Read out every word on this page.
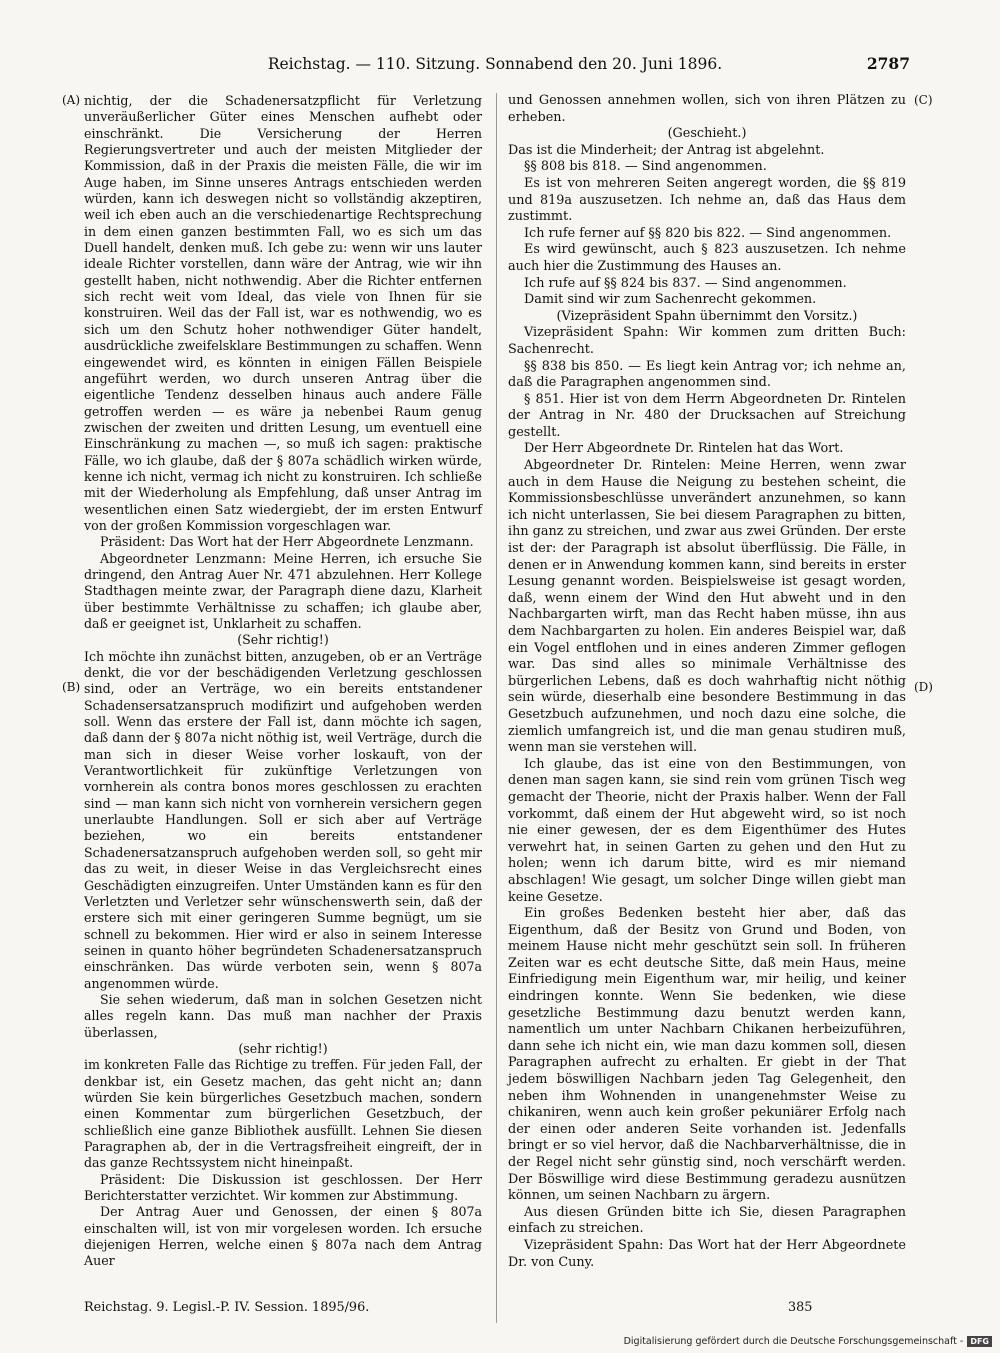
Reichstag. — 110. Sitzung. Sonnabend den 20. Juni 1896.	2787
(A)
(B)
(C)
(D)

nichtig, der die Schadenersatzpflicht für Verletzung unveräußerlicher Güter eines Menschen aufhebt oder einschränkt. Die Versicherung der Herren Regierungsvertreter und auch der meisten Mitglieder der Kommission, daß in der Praxis die meisten Fälle, die wir im Auge haben, im Sinne unseres Antrags entschieden werden würden, kann ich deswegen nicht so vollständig akzeptiren, weil ich eben auch an die verschiedenartige Rechtsprechung in dem einen ganzen bestimmten Fall, wo es sich um das Duell handelt, denken muß. Ich gebe zu: wenn wir uns lauter ideale Richter vorstellen, dann wäre der Antrag, wie wir ihn gestellt haben, nicht nothwendig. Aber die Richter entfernen sich recht weit vom Ideal, das viele von Ihnen für sie konstruiren. Weil das der Fall ist, war es nothwendig, wo es sich um den Schutz hoher nothwendiger Güter handelt, ausdrückliche zweifelsklare Bestimmungen zu schaffen. Wenn eingewendet wird, es könnten in einigen Fällen Beispiele angeführt werden, wo durch unseren Antrag über die eigentliche Tendenz desselben hinaus auch andere Fälle getroffen werden — es wäre ja nebenbei Raum genug zwischen der zweiten und dritten Lesung, um eventuell eine Einschränkung zu machen —, so muß ich sagen: praktische Fälle, wo ich glaube, daß der § 807a schädlich wirken würde, kenne ich nicht, vermag ich nicht zu konstruiren. Ich schließe mit der Wiederholung als Empfehlung, daß unser Antrag im wesentlichen einen Satz wiedergiebt, der im ersten Entwurf von der großen Kommission vorgeschlagen war.

Präsident: Das Wort hat der Herr Abgeordnete Lenzmann.

Abgeordneter Lenzmann: Meine Herren, ich ersuche Sie dringend, den Antrag Auer Nr. 471 abzulehnen. Herr Kollege Stadthagen meinte zwar, der Paragraph diene dazu, Klarheit über bestimmte Verhältnisse zu schaffen; ich glaube aber, daß er geeignet ist, Unklarheit zu schaffen.

(Sehr richtig!)

Ich möchte ihn zunächst bitten, anzugeben, ob er an Verträge denkt, die vor der beschädigenden Verletzung geschlossen sind, oder an Verträge, wo ein bereits entstandener Schadensersatzanspruch modifizirt und aufgehoben werden soll. Wenn das erstere der Fall ist, dann möchte ich sagen, daß dann der § 807a nicht nöthig ist, weil Verträge, durch die man sich in dieser Weise vorher loskauft, von der Verantwortlichkeit für zukünftige Verletzungen von vornherein als contra bonos mores geschlossen zu erachten sind — man kann sich nicht von vornherein versichern gegen unerlaubte Handlungen. Soll er sich aber auf Verträge beziehen, wo ein bereits entstandener Schadenersatzanspruch aufgehoben werden soll, so geht mir das zu weit, in dieser Weise in das Vergleichsrecht eines Geschädigten einzugreifen. Unter Umständen kann es für den Verletzten und Verletzer sehr wünschenswerth sein, daß der erstere sich mit einer geringeren Summe begnügt, um sie schnell zu bekommen. Hier wird er also in seinem Interesse seinen in quanto höher begründeten Schadenersatzanspruch einschränken. Das würde verboten sein, wenn § 807a angenommen würde.

Sie sehen wiederum, daß man in solchen Gesetzen nicht alles regeln kann. Das muß man nachher der Praxis überlassen,

(sehr richtig!)

im konkreten Falle das Richtige zu treffen. Für jeden Fall, der denkbar ist, ein Gesetz machen, das geht nicht an; dann würden Sie kein bürgerliches Gesetzbuch machen, sondern einen Kommentar zum bürgerlichen Gesetzbuch, der schließlich eine ganze Bibliothek ausfüllt. Lehnen Sie diesen Paragraphen ab, der in die Vertragsfreiheit eingreift, der in das ganze Rechtssystem nicht hineinpaßt.

Präsident: Die Diskussion ist geschlossen. Der Herr Berichterstatter verzichtet. Wir kommen zur Abstimmung.

Der Antrag Auer und Genossen, der einen § 807a einschalten will, ist von mir vorgelesen worden. Ich ersuche diejenigen Herren, welche einen § 807a nach dem Antrag Auer

und Genossen annehmen wollen, sich von ihren Plätzen zu erheben.

(Geschieht.)

Das ist die Minderheit; der Antrag ist abgelehnt.

§§ 808 bis 818. — Sind angenommen.

Es ist von mehreren Seiten angeregt worden, die §§ 819 und 819a auszusetzen. Ich nehme an, daß das Haus dem zustimmt.

Ich rufe ferner auf §§ 820 bis 822. — Sind angenommen.

Es wird gewünscht, auch § 823 auszusetzen. Ich nehme auch hier die Zustimmung des Hauses an.

Ich rufe auf §§ 824 bis 837. — Sind angenommen.

Damit sind wir zum Sachenrecht gekommen.

(Vizepräsident Spahn übernimmt den Vorsitz.)

Vizepräsident Spahn: Wir kommen zum dritten Buch: Sachenrecht.

§§ 838 bis 850. — Es liegt kein Antrag vor; ich nehme an, daß die Paragraphen angenommen sind.

§ 851. Hier ist von dem Herrn Abgeordneten Dr. Rintelen der Antrag in Nr. 480 der Drucksachen auf Streichung gestellt.

Der Herr Abgeordnete Dr. Rintelen hat das Wort.

Abgeordneter Dr. Rintelen: Meine Herren, wenn zwar auch in dem Hause die Neigung zu bestehen scheint, die Kommissionsbeschlüsse unverändert anzunehmen, so kann ich nicht unterlassen, Sie bei diesem Paragraphen zu bitten, ihn ganz zu streichen, und zwar aus zwei Gründen. Der erste ist der: der Paragraph ist absolut überflüssig. Die Fälle, in denen er in Anwendung kommen kann, sind bereits in erster Lesung genannt worden. Beispielsweise ist gesagt worden, daß, wenn einem der Wind den Hut abweht und in den Nachbargarten wirft, man das Recht haben müsse, ihn aus dem Nachbargarten zu holen. Ein anderes Beispiel war, daß ein Vogel entflohen und in eines anderen Zimmer geflogen war. Das sind alles so minimale Verhältnisse des bürgerlichen Lebens, daß es doch wahrhaftig nicht nöthig sein würde, dieserhalb eine besondere Bestimmung in das Gesetzbuch aufzunehmen, und noch dazu eine solche, die ziemlich umfangreich ist, und die man genau studiren muß, wenn man sie verstehen will.

Ich glaube, das ist eine von den Bestimmungen, von denen man sagen kann, sie sind rein vom grünen Tisch weg gemacht der Theorie, nicht der Praxis halber. Wenn der Fall vorkommt, daß einem der Hut abgeweht wird, so ist noch nie einer gewesen, der es dem Eigenthümer des Hutes verwehrt hat, in seinen Garten zu gehen und den Hut zu holen; wenn ich darum bitte, wird es mir niemand abschlagen! Wie gesagt, um solcher Dinge willen giebt man keine Gesetze.

Ein großes Bedenken besteht hier aber, daß das Eigenthum, daß der Besitz von Grund und Boden, von meinem Hause nicht mehr geschützt sein soll. In früheren Zeiten war es echt deutsche Sitte, daß mein Haus, meine Einfriedigung mein Eigenthum war, mir heilig, und keiner eindringen konnte. Wenn Sie bedenken, wie diese gesetzliche Bestimmung dazu benutzt werden kann, namentlich um unter Nachbarn Chikanen herbeizuführen, dann sehe ich nicht ein, wie man dazu kommen soll, diesen Paragraphen aufrecht zu erhalten. Er giebt in der That jedem böswilligen Nachbarn jeden Tag Gelegenheit, den neben ihm Wohnenden in unangenehmster Weise zu chikaniren, wenn auch kein großer pekuniärer Erfolg nach der einen oder anderen Seite vorhanden ist. Jedenfalls bringt er so viel hervor, daß die Nachbarverhältnisse, die in der Regel nicht sehr günstig sind, noch verschärft werden. Der Böswillige wird diese Bestimmung geradezu ausnützen können, um seinen Nachbarn zu ärgern.

Aus diesen Gründen bitte ich Sie, diesen Paragraphen einfach zu streichen.

Vizepräsident Spahn: Das Wort hat der Herr Abgeordnete Dr. von Cuny.

Reichstag. 9. Legisl.-P. IV. Session. 1895/96.	385
Digitalisierung gefördert durch die Deutsche Forschungsgemeinschaft - DFG
